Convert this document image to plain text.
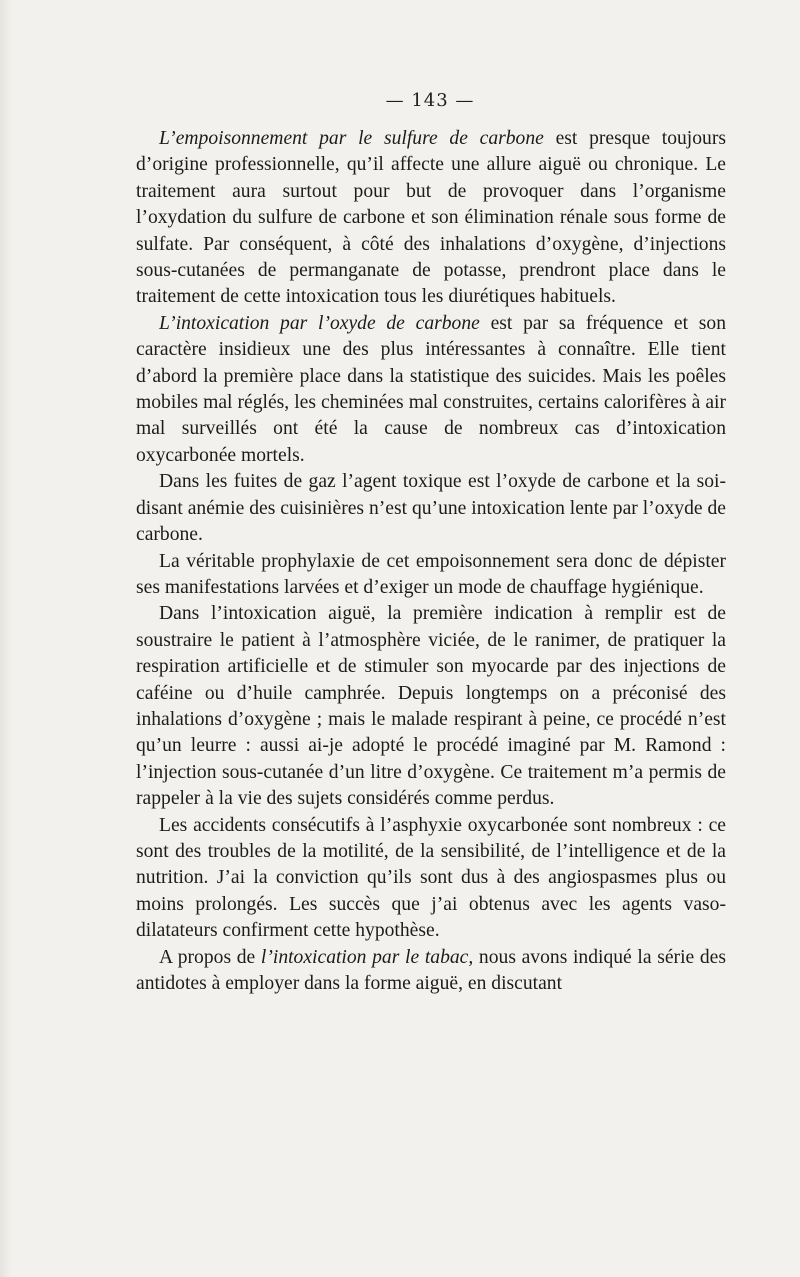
— 143 —

L’empoisonnement par le sulfure de carbone est presque toujours d’origine professionnelle, qu’il affecte une allure aiguë ou chronique. Le traitement aura surtout pour but de provoquer dans l’organisme l’oxydation du sulfure de carbone et son élimination rénale sous forme de sulfate. Par conséquent, à côté des inhalations d’oxygène, d’injections sous-cutanées de permanganate de potasse, prendront place dans le traitement de cette intoxication tous les diurétiques habituels.

L’intoxication par l’oxyde de carbone est par sa fréquence et son caractère insidieux une des plus intéressantes à connaître. Elle tient d’abord la première place dans la statistique des suicides. Mais les poêles mobiles mal réglés, les cheminées mal construites, certains calorifères à air mal surveillés ont été la cause de nombreux cas d’intoxication oxycarbonée mortels.

Dans les fuites de gaz l’agent toxique est l’oxyde de carbone et la soi-disant anémie des cuisinières n’est qu’une intoxication lente par l’oxyde de carbone.

La véritable prophylaxie de cet empoisonnement sera donc de dépister ses manifestations larvées et d’exiger un mode de chauffage hygiénique.

Dans l’intoxication aiguë, la première indication à remplir est de soustraire le patient à l’atmosphère viciée, de le ranimer, de pratiquer la respiration artificielle et de stimuler son myocarde par des injections de caféine ou d’huile camphrée. Depuis longtemps on a préconisé des inhalations d’oxygène ; mais le malade respirant à peine, ce procédé n’est qu’un leurre : aussi ai-je adopté le procédé imaginé par M. Ramond : l’injection sous-cutanée d’un litre d’oxygène. Ce traitement m’a permis de rappeler à la vie des sujets considérés comme perdus.

Les accidents consécutifs à l’asphyxie oxycarbonée sont nombreux : ce sont des troubles de la motilité, de la sensibilité, de l’intelligence et de la nutrition. J’ai la conviction qu’ils sont dus à des angiospasmes plus ou moins prolongés. Les succès que j’ai obtenus avec les agents vaso-dilatateurs confirment cette hypothèse.

A propos de l’intoxication par le tabac, nous avons indiqué la série des antidotes à employer dans la forme aiguë, en discutant
